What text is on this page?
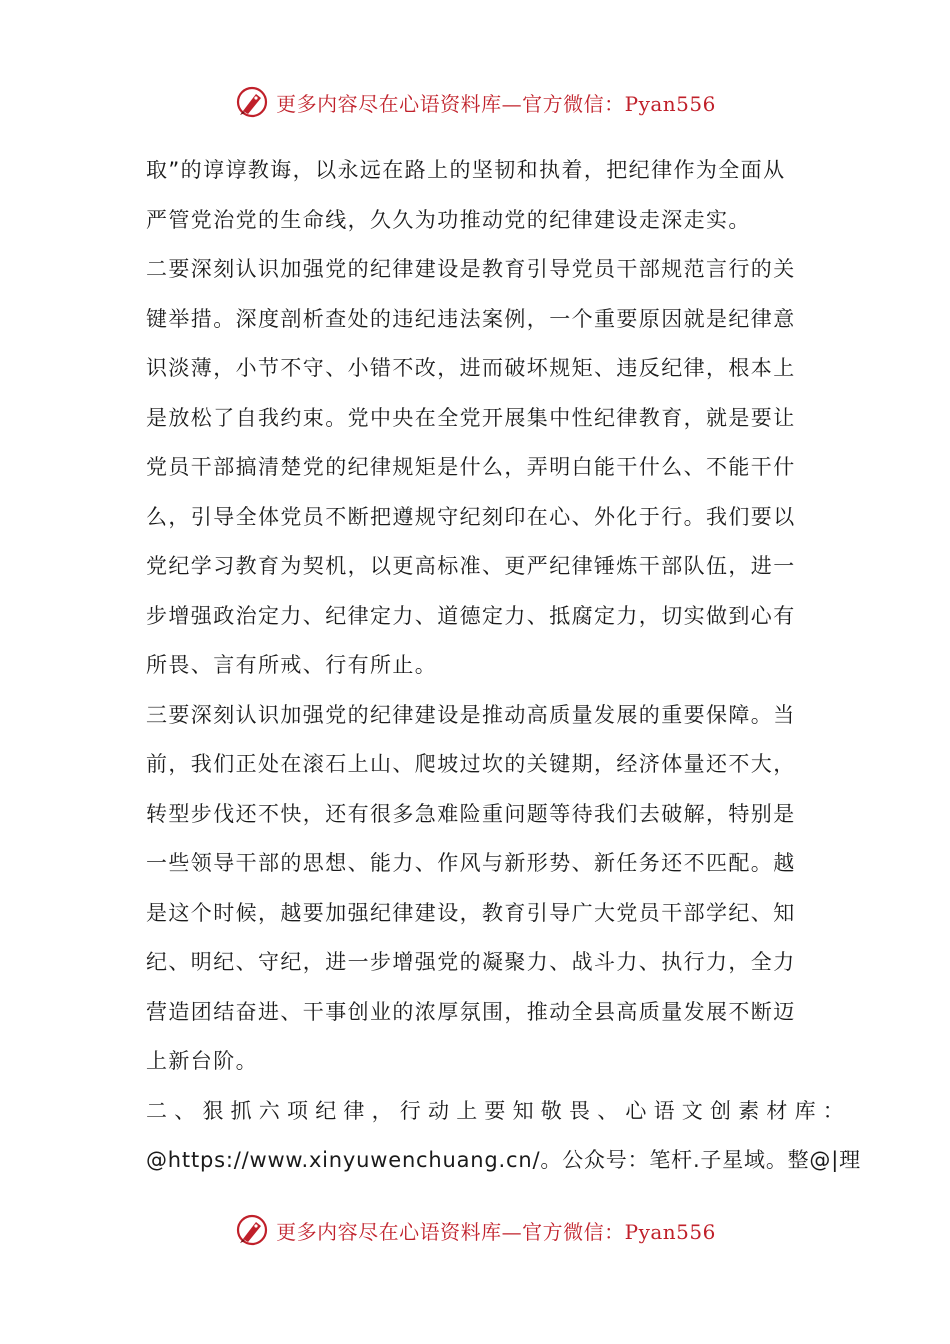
更多内容尽在心语资料库—官方微信：Pyan556
取”的谆谆教诲，以永远在路上的坚韧和执着，把纪律作为全面从
严管党治党的生命线，久久为功推动党的纪律建设走深走实。
二要深刻认识加强党的纪律建设是教育引导党员干部规范言行的关
键举措。深度剖析查处的违纪违法案例，一个重要原因就是纪律意
识淡薄，小节不守、小错不改，进而破坏规矩、违反纪律，根本上
是放松了自我约束。党中央在全党开展集中性纪律教育，就是要让
党员干部搞清楚党的纪律规矩是什么，弄明白能干什么、不能干什
么，引导全体党员不断把遵规守纪刻印在心、外化于行。我们要以
党纪学习教育为契机，以更高标准、更严纪律锤炼干部队伍，进一
步增强政治定力、纪律定力、道德定力、抵腐定力，切实做到心有
所畏、言有所戒、行有所止。
三要深刻认识加强党的纪律建设是推动高质量发展的重要保障。当
前，我们正处在滚石上山、爬坡过坎的关键期，经济体量还不大，
转型步伐还不快，还有很多急难险重问题等待我们去破解，特别是
一些领导干部的思想、能力、作风与新形势、新任务还不匹配。越
是这个时候，越要加强纪律建设，教育引导广大党员干部学纪、知
纪、明纪、守纪，进一步增强党的凝聚力、战斗力、执行力，全力
营造团结奋进、干事创业的浓厚氛围，推动全县高质量发展不断迈
上新台阶。
二、狠抓六项纪律，行动上要知敬畏、心语文创素材库：
@https://www.xinyuwenchuang.cn/。公众号：笔杆.子星域。整@|理
更多内容尽在心语资料库—官方微信：Pyan556
